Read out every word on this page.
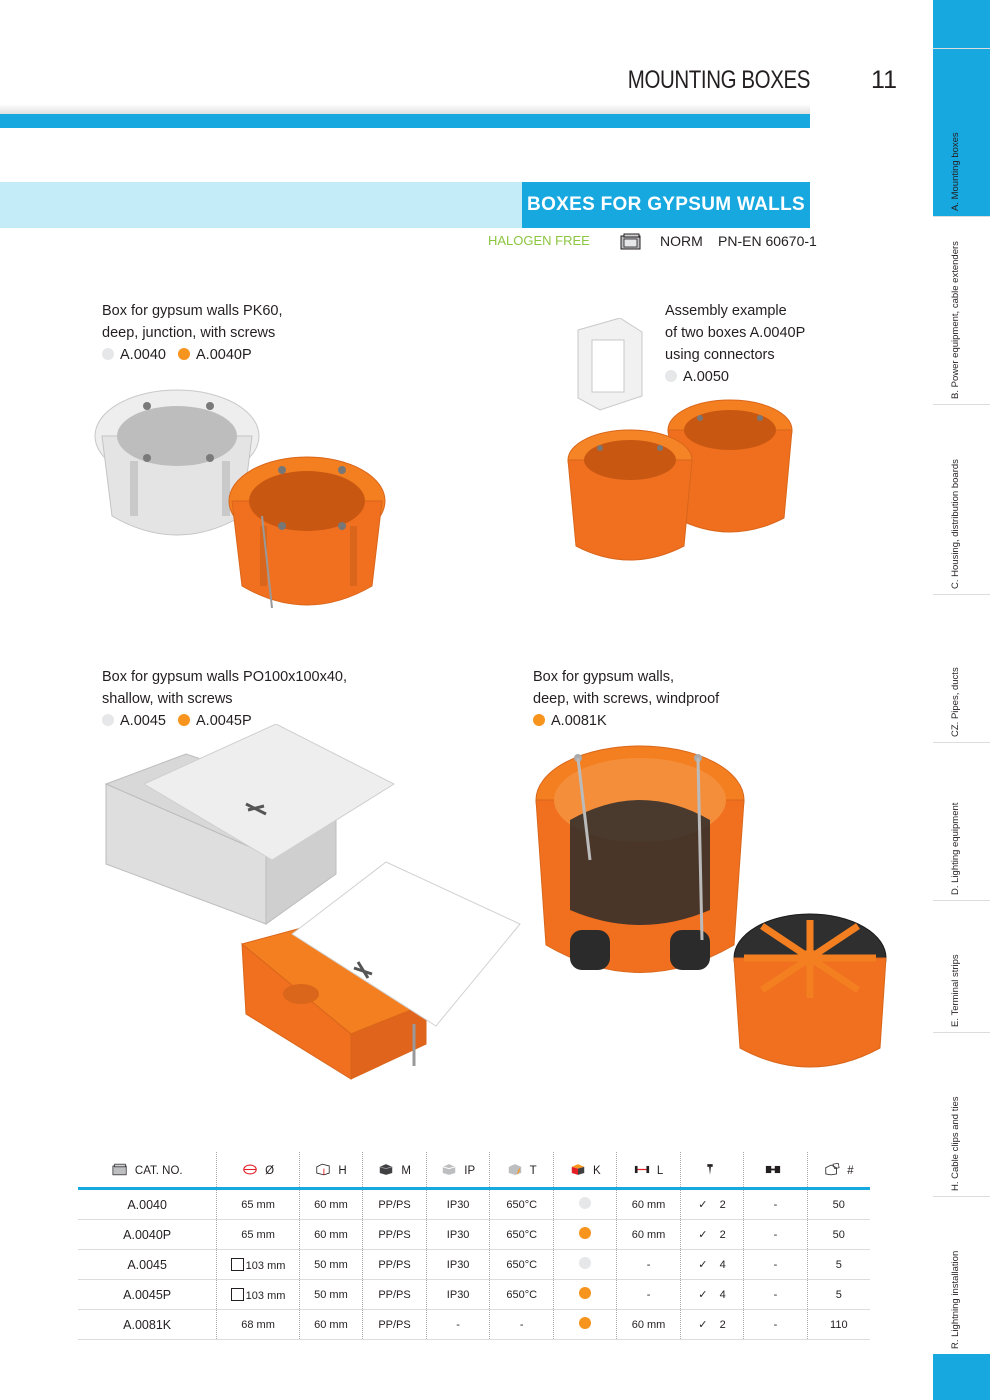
MOUNTING BOXES 11
BOXES FOR GYPSUM WALLS
HALOGEN FREE	NORM PN-EN 60670-1
A. Mounting boxes
B. Power equipment, cable extenders
C. Housing, distribution boards
CZ. Pipes, ducts
D. Lighting equipment
E. Terminal strips
H. Cable clips and ties
R. Lightning installation
Box for gypsum walls PK60,
deep, junction, with screws
A.0040 A.0040P
Assembly example
of two boxes A.0040P
using connectors
A.0050
Box for gypsum walls PO100x100x40,
shallow, with screws
A.0045 A.0045P
Box for gypsum walls,
deep, with screws, windproof
A.0081K
CAT. NO.	Ø	H	M	IP	T	K	L			#
A.0040	65 mm	60 mm	PP/PS	IP30	650°C		60 mm	✓ 2	-	50
A.0040P	65 mm	60 mm	PP/PS	IP30	650°C		60 mm	✓ 2	-	50
A.0045	103 mm	50 mm	PP/PS	IP30	650°C		-	✓ 4	-	5
A.0045P	103 mm	50 mm	PP/PS	IP30	650°C		-	✓ 4	-	5
A.0081K	68 mm	60 mm	PP/PS	-	-		60 mm	✓ 2	-	110
